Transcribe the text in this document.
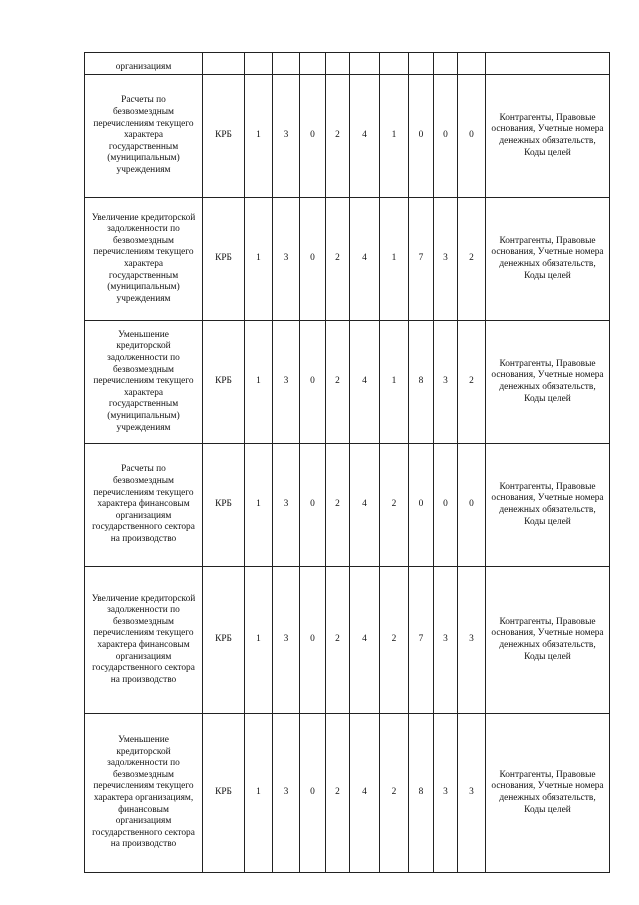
организациям											
Расчеты по безвозмездным перечислениям текущего характера государственным (муниципальным) учреждениям	КРБ	1	3	0	2	4	1	0	0	0	Контрагенты, Правовые основания, Учетные номера денежных обязательств, Коды целей
Увеличение кредиторской задолженности по безвозмездным перечислениям текущего характера государственным (муниципальным) учреждениям	КРБ	1	3	0	2	4	1	7	3	2	Контрагенты, Правовые основания, Учетные номера денежных обязательств, Коды целей
Уменьшение кредиторской задолженности по безвозмездным перечислениям текущего характера государственным (муниципальным) учреждениям	КРБ	1	3	0	2	4	1	8	3	2	Контрагенты, Правовые основания, Учетные номера денежных обязательств, Коды целей
Расчеты по безвозмездным перечислениям текущего характера финансовым организациям государственного сектора на производство	КРБ	1	3	0	2	4	2	0	0	0	Контрагенты, Правовые основания, Учетные номера денежных обязательств, Коды целей
Увеличение кредиторской задолженности по безвозмездным перечислениям текущего характера финансовым организациям государственного сектора на производство	КРБ	1	3	0	2	4	2	7	3	3	Контрагенты, Правовые основания, Учетные номера денежных обязательств, Коды целей
Уменьшение кредиторской задолженности по безвозмездным перечислениям текущего характера организациям, финансовым организациям государственного сектора на производство	КРБ	1	3	0	2	4	2	8	3	3	Контрагенты, Правовые основания, Учетные номера денежных обязательств, Коды целей
